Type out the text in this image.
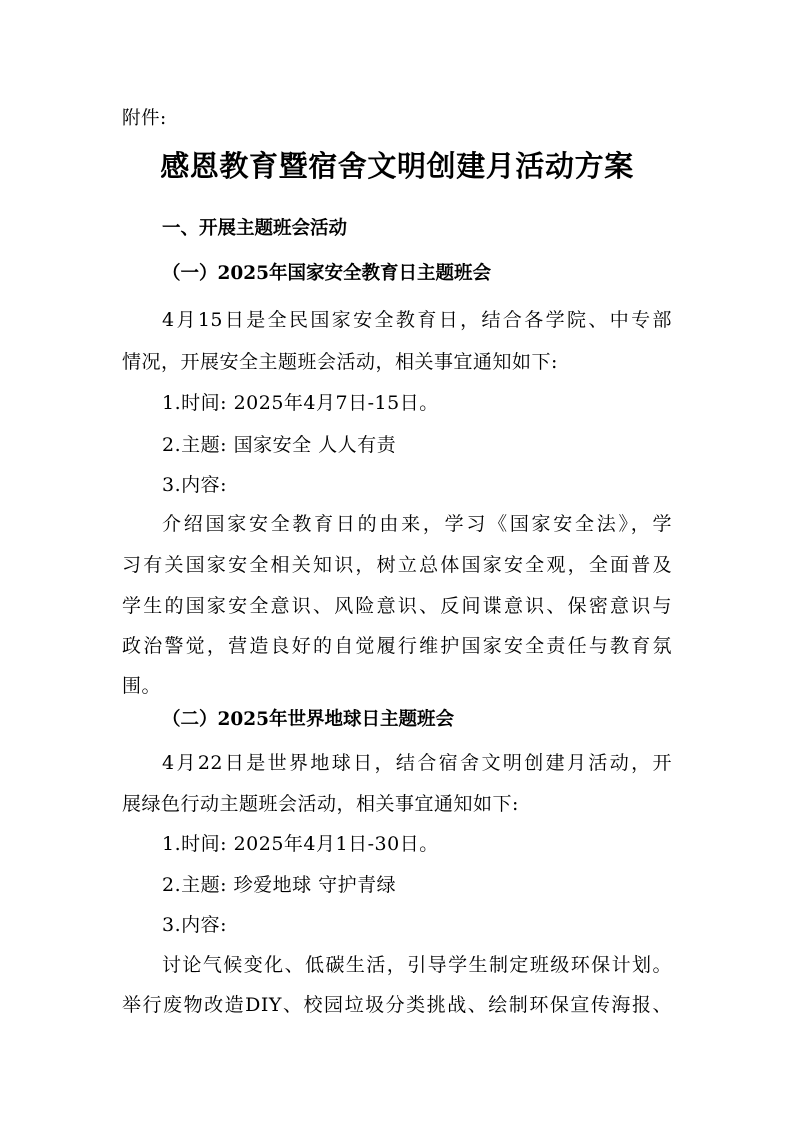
附件:
感恩教育暨宿舍文明创建月活动方案
一、开展主题班会活动
（一）2025年国家安全教育日主题班会
4月15日是全民国家安全教育日，结合各学院、中专部
情况，开展安全主题班会活动，相关事宜通知如下:
1.时间: 2025年4月7日-15日。
2.主题: 国家安全 人人有责
3.内容:
介绍国家安全教育日的由来，学习《国家安全法》，学
习有关国家安全相关知识，树立总体国家安全观，全面普及
学生的国家安全意识、风险意识、反间谍意识、保密意识与
政治警觉，营造良好的自觉履行维护国家安全责任与教育氛
围。
（二）2025年世界地球日主题班会
4月22日是世界地球日，结合宿舍文明创建月活动，开
展绿色行动主题班会活动，相关事宜通知如下:
1.时间: 2025年4月1日-30日。
2.主题: 珍爱地球 守护青绿
3.内容:
讨论气候变化、低碳生活，引导学生制定班级环保计划。
举行废物改造DIY、校园垃圾分类挑战、绘制环保宣传海报、
